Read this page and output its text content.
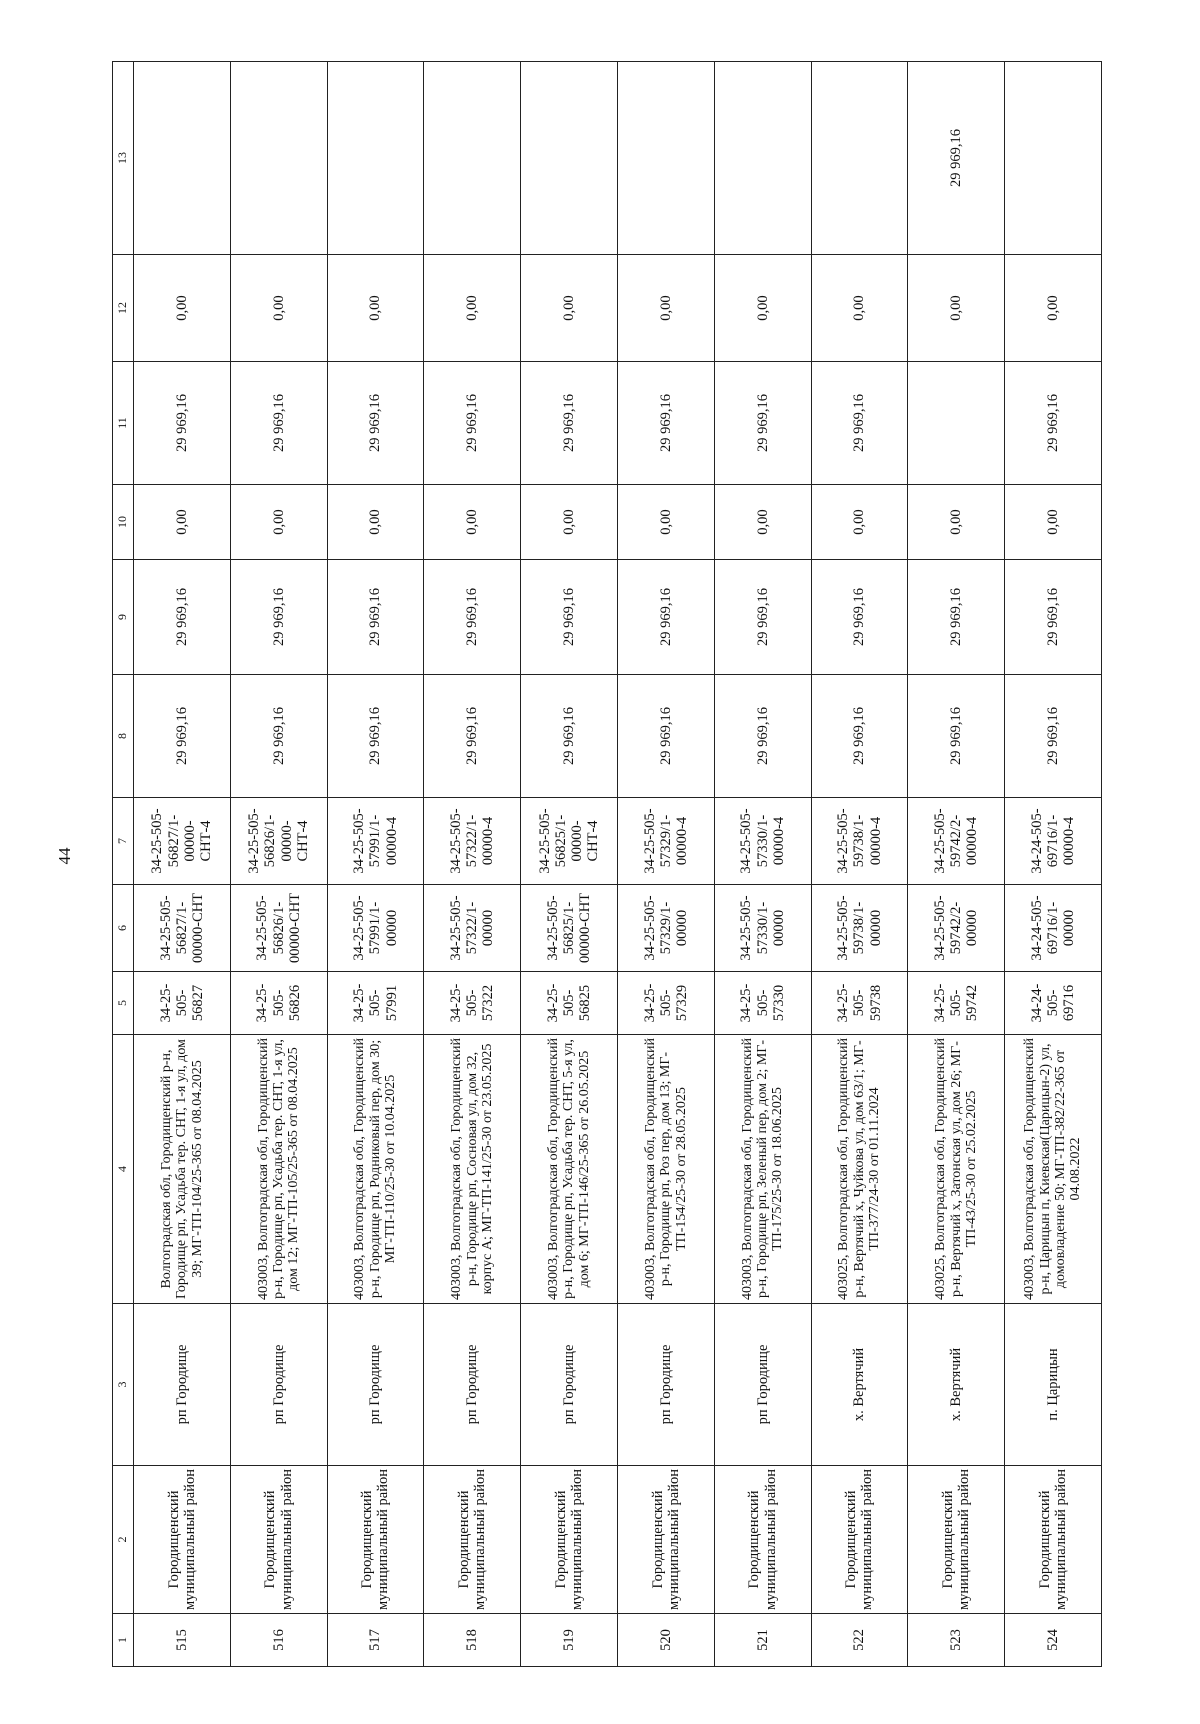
44
1	2	3	4	5	6	7	8	9	10	11	12	13
515	Городищенский муниципальный район	рп Городище	Волгоградская обл, Городищенский р-н, Городище рп, Усадьба тер. СНТ, 1-я ул, дом 39; МГ-ТП-104/25-365 от 08.04.2025	34-25-505-56827	34-25-505-56827/1-00000-СНТ	34-25-505-56827/1-00000-СНТ-4	29 969,16	29 969,16	0,00	29 969,16	0,00	
516	Городищенский муниципальный район	рп Городище	403003, Волгоградская обл, Городищенский р-н, Городище рп, Усадьба тер. СНТ, 1-я ул, дом 12; МГ-ТП-105/25-365 от 08.04.2025	34-25-505-56826	34-25-505-56826/1-00000-СНТ	34-25-505-56826/1-00000-СНТ-4	29 969,16	29 969,16	0,00	29 969,16	0,00	
517	Городищенский муниципальный район	рп Городище	403003, Волгоградская обл, Городищенский р-н, Городище рп, Родниковый пер, дом 30; МГ-ТП-110/25-30 от 10.04.2025	34-25-505-57991	34-25-505-57991/1-00000	34-25-505-57991/1-00000-4	29 969,16	29 969,16	0,00	29 969,16	0,00	
518	Городищенский муниципальный район	рп Городище	403003, Волгоградская обл, Городищенский р-н, Городище рп, Сосновая ул, дом 32, корпус А; МГ-ТП-141/25-30 от 23.05.2025	34-25-505-57322	34-25-505-57322/1-00000	34-25-505-57322/1-00000-4	29 969,16	29 969,16	0,00	29 969,16	0,00	
519	Городищенский муниципальный район	рп Городище	403003, Волгоградская обл, Городищенский р-н, Городище рп, Усадьба тер. СНТ, 5-я ул, дом 6; МГ-ТП-146/25-365 от 26.05.2025	34-25-505-56825	34-25-505-56825/1-00000-СНТ	34-25-505-56825/1-00000-СНТ-4	29 969,16	29 969,16	0,00	29 969,16	0,00	
520	Городищенский муниципальный район	рп Городище	403003, Волгоградская обл, Городищенский р-н, Городище рп, Роз пер, дом 13; МГ-ТП-154/25-30 от 28.05.2025	34-25-505-57329	34-25-505-57329/1-00000	34-25-505-57329/1-00000-4	29 969,16	29 969,16	0,00	29 969,16	0,00	
521	Городищенский муниципальный район	рп Городище	403003, Волгоградская обл, Городищенский р-н, Городище рп, Зеленый пер, дом 2; МГ-ТП-175/25-30 от 18.06.2025	34-25-505-57330	34-25-505-57330/1-00000	34-25-505-57330/1-00000-4	29 969,16	29 969,16	0,00	29 969,16	0,00	
522	Городищенский муниципальный район	х. Вертячий	403025, Волгоградская обл, Городищенский р-н, Вертячий х, Чуйкова ул, дом 63/1; МГ-ТП-377/24-30 от 01.11.2024	34-25-505-59738	34-25-505-59738/1-00000	34-25-505-59738/1-00000-4	29 969,16	29 969,16	0,00	29 969,16	0,00	
523	Городищенский муниципальный район	х. Вертячий	403025, Волгоградская обл, Городищенский р-н, Вертячий х, Затонская ул, дом 26; МГ-ТП-43/25-30 от 25.02.2025	34-25-505-59742	34-25-505-59742/2-00000	34-25-505-59742/2-00000-4	29 969,16	29 969,16	0,00		0,00	29 969,16
524	Городищенский муниципальный район	п. Царицын	403003, Волгоградская обл, Городищенский р-н, Царицын п, Киевская(Царицын-2) ул, домовладение 50; МГ-ТП-382/22-365 от 04.08.2022	34-24-505-69716	34-24-505-69716/1-00000	34-24-505-69716/1-00000-4	29 969,16	29 969,16	0,00	29 969,16	0,00	
